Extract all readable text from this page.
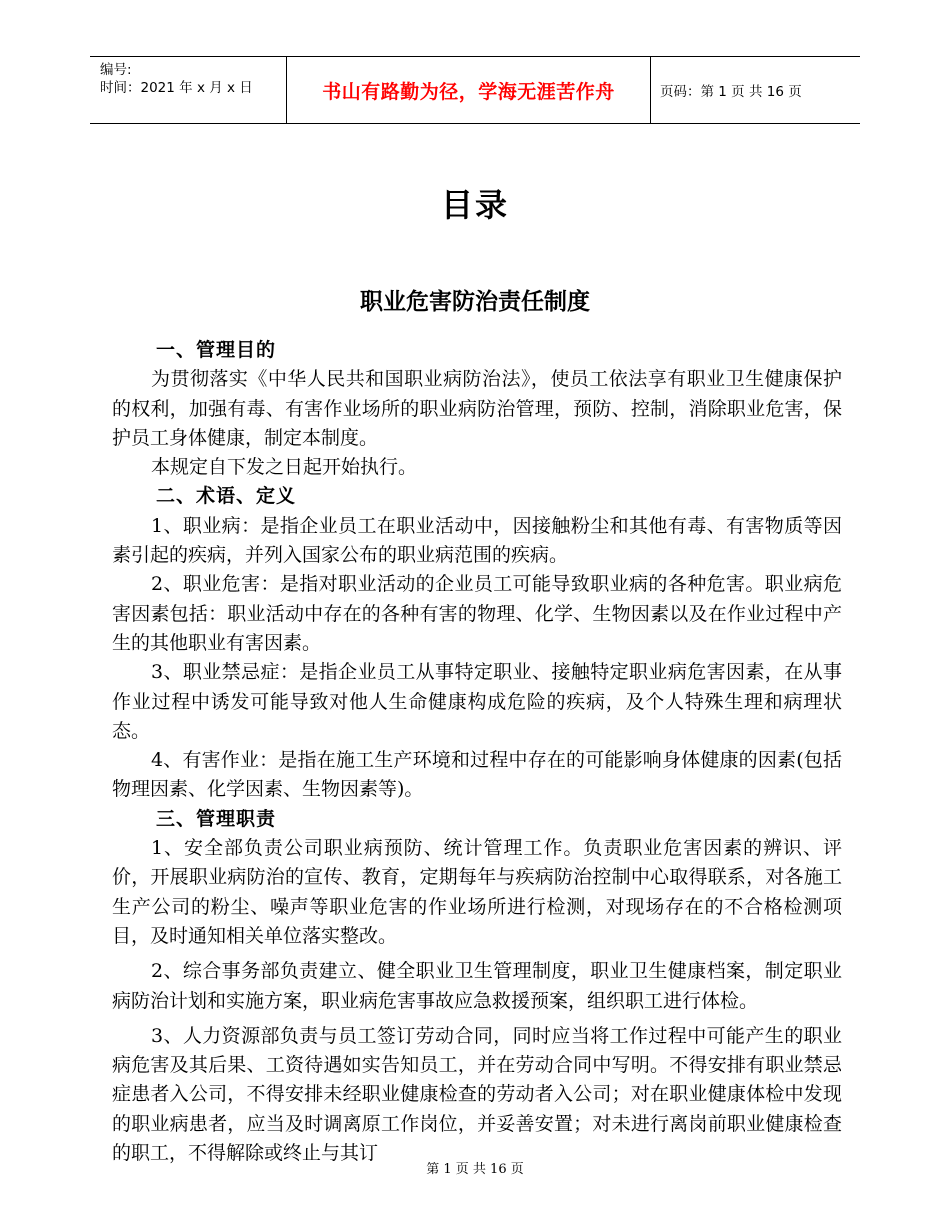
编号:
时间：2021 年 x 月 x 日	书山有路勤为径，学海无涯苦作舟	页码：第 1 页 共 16 页
目录
职业危害防治责任制度

一、管理目的

为贯彻落实《中华人民共和国职业病防治法》，使员工依法享有职业卫生健康保护的权利，加强有毒、有害作业场所的职业病防治管理，预防、控制，消除职业危害，保护员工身体健康，制定本制度。

本规定自下发之日起开始执行。

二、术语、定义

1、职业病：是指企业员工在职业活动中，因接触粉尘和其他有毒、有害物质等因素引起的疾病，并列入国家公布的职业病范围的疾病。

2、职业危害：是指对职业活动的企业员工可能导致职业病的各种危害。职业病危害因素包括：职业活动中存在的各种有害的物理、化学、生物因素以及在作业过程中产生的其他职业有害因素。

3、职业禁忌症：是指企业员工从事特定职业、接触特定职业病危害因素，在从事作业过程中诱发可能导致对他人生命健康构成危险的疾病，及个人特殊生理和病理状态。

4、有害作业：是指在施工生产环境和过程中存在的可能影响身体健康的因素(包括物理因素、化学因素、生物因素等)。

三、管理职责

1、安全部负责公司职业病预防、统计管理工作。负责职业危害因素的辨识、评价，开展职业病防治的宣传、教育，定期每年与疾病防治控制中心取得联系，对各施工生产公司的粉尘、噪声等职业危害的作业场所进行检测，对现场存在的不合格检测项目，及时通知相关单位落实整改。

2、综合事务部负责建立、健全职业卫生管理制度，职业卫生健康档案，制定职业病防治计划和实施方案，职业病危害事故应急救援预案，组织职工进行体检。

3、人力资源部负责与员工签订劳动合同，同时应当将工作过程中可能产生的职业病危害及其后果、工资待遇如实告知员工，并在劳动合同中写明。不得安排有职业禁忌症患者入公司，不得安排未经职业健康检查的劳动者入公司；对在职业健康体检中发现的职业病患者，应当及时调离原工作岗位，并妥善安置；对未进行离岗前职业健康检查的职工，不得解除或终止与其订

第 1 页 共 16 页
